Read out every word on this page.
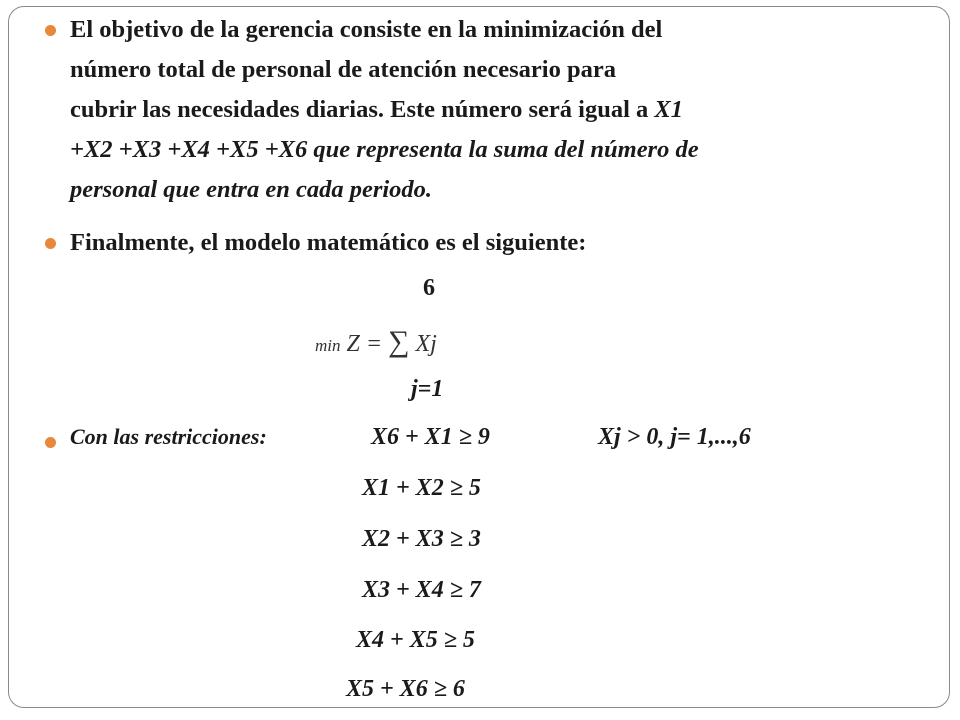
El objetivo de la gerencia consiste en la minimización del
número total de personal de atención necesario para
cubrir las necesidades diarias. Este número será igual a X1
+X2 +X3 +X4 +X5 +X6 que representa la suma del número de
personal que entra en cada periodo.
Finalmente, el modelo matemático es el siguiente:
6
min Z = ∑ Xj
j=1
Con las restricciones:	X6 + X1 ≥ 9	Xj > 0, j= 1,...,6
X1 + X2 ≥ 5
X2 + X3 ≥ 3
X3 + X4 ≥ 7
X4 + X5 ≥ 5
X5 + X6 ≥ 6
